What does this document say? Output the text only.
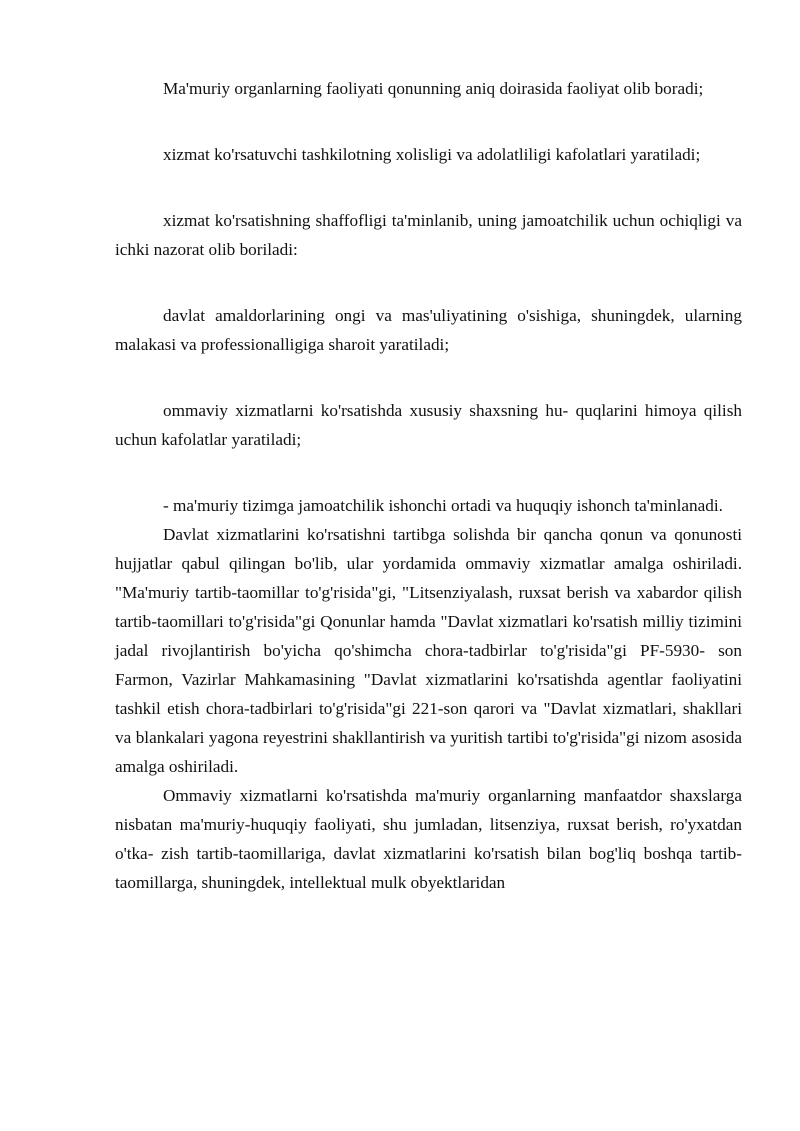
Ma'muriy organlarning faoliyati qonunning aniq doirasida faoliyat olib boradi;

xizmat ko'rsatuvchi tashkilotning xolisligi va adolatliligi kafolatlari yaratiladi;

xizmat ko'rsatishning shaffofligi ta'minlanib, uning jamoatchilik uchun ochiqligi va ichki nazorat olib boriladi:

davlat amaldorlarining ongi va mas'uliyatining o'sishiga, shuningdek, ularning malakasi va professionalligiga sharoit yaratiladi;

ommaviy xizmatlarni ko'rsatishda xususiy shaxsning hu- quqlarini himoya qilish uchun kafolatlar yaratiladi;

- ma'muriy tizimga jamoatchilik ishonchi ortadi va huquqiy ishonch ta'minlanadi.

Davlat xizmatlarini ko'rsatishni tartibga solishda bir qancha qonun va qonunosti hujjatlar qabul qilingan bo'lib, ular yordamida ommaviy xizmatlar amalga oshiriladi. "Ma'muriy tartib-taomillar to'g'risida"gi, "Litsenziyalash, ruxsat berish va xabardor qilish tartib-taomillari to'g'risida"gi Qonunlar hamda "Davlat xizmatlari ko'rsatish milliy tizimini jadal rivojlantirish bo'yicha qo'shimcha chora-tadbirlar to'g'risida"gi PF-5930- son Farmon, Vazirlar Mahkamasining "Davlat xizmatlarini ko'rsatishda agentlar faoliyatini tashkil etish chora-tadbirlari to'g'risida"gi 221-son qarori va "Davlat xizmatlari, shakllari va blankalari yagona reyestrini shakllantirish va yuritish tartibi to'g'risida"gi nizom asosida amalga oshiriladi.

Ommaviy xizmatlarni ko'rsatishda ma'muriy organlarning manfaatdor shaxslarga nisbatan ma'muriy-huquqiy faoliyati, shu jumladan, litsenziya, ruxsat berish, ro'yxatdan o'tka- zish tartib-taomillariga, davlat xizmatlarini ko'rsatish bilan bog'liq boshqa tartib-taomillarga, shuningdek, intellektual mulk obyektlaridan
